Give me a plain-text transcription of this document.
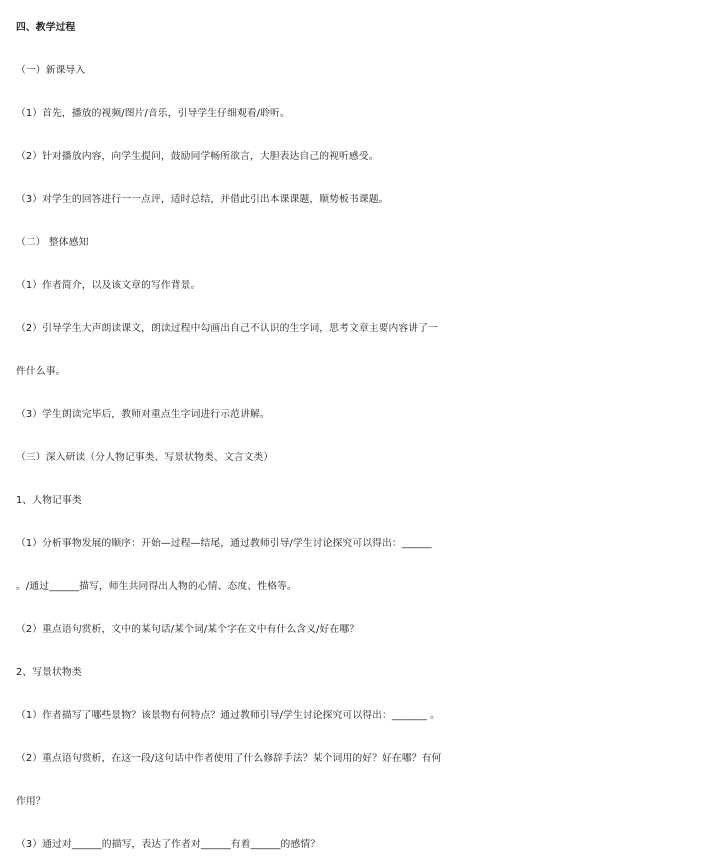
四、教学过程
（一）新课导入
（1）首先，播放的视频/图片/音乐，引导学生仔细观看/聆听。
（2）针对播放内容，向学生提问，鼓励同学畅所欲言，大胆表达自己的视听感受。
（3）对学生的回答进行一一点评，适时总结，并借此引出本课课题，顺势板书课题。
（二） 整体感知
（1）作者简介，以及该文章的写作背景。
（2）引导学生大声朗读课文，朗读过程中勾画出自己不认识的生字词，思考文章主要内容讲了一
件什么事。
（3）学生朗读完毕后，教师对重点生字词进行示范讲解。
（三）深入研读（分人物记事类、写景状物类、文言文类）
1、人物记事类
（1）分析事物发展的顺序：开始—过程—结尾，通过教师引导/学生讨论探究可以得出：______
。/通过______描写，师生共同得出人物的心情、态度、性格等。
（2）重点语句赏析，文中的某句话/某个词/某个字在文中有什么含义/好在哪？
2、写景状物类
（1）作者描写了哪些景物？该景物有何特点？通过教师引导/学生讨论探究可以得出：_______ 。
（2）重点语句赏析，在这一段/这句话中作者使用了什么修辞手法？某个词用的好？好在哪？有何
作用？
（3）通过对______的描写，表达了作者对______有着______的感情？
